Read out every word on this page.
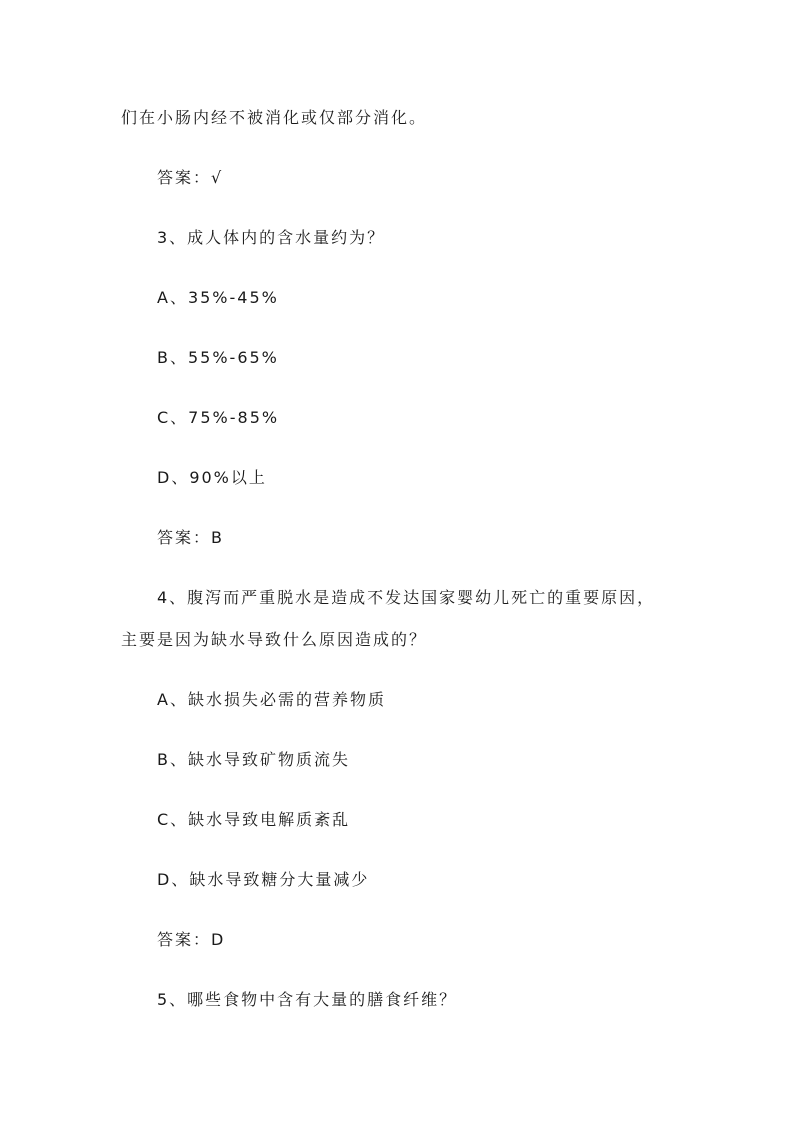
们在小肠内经不被消化或仅部分消化。
答案：√
3、成人体内的含水量约为？
A、35%-45%
B、55%-65%
C、75%-85%
D、90%以上
答案：B
4、腹泻而严重脱水是造成不发达国家婴幼儿死亡的重要原因，
主要是因为缺水导致什么原因造成的？
A、缺水损失必需的营养物质
B、缺水导致矿物质流失
C、缺水导致电解质紊乱
D、缺水导致糖分大量减少
答案：D
5、哪些食物中含有大量的膳食纤维？
